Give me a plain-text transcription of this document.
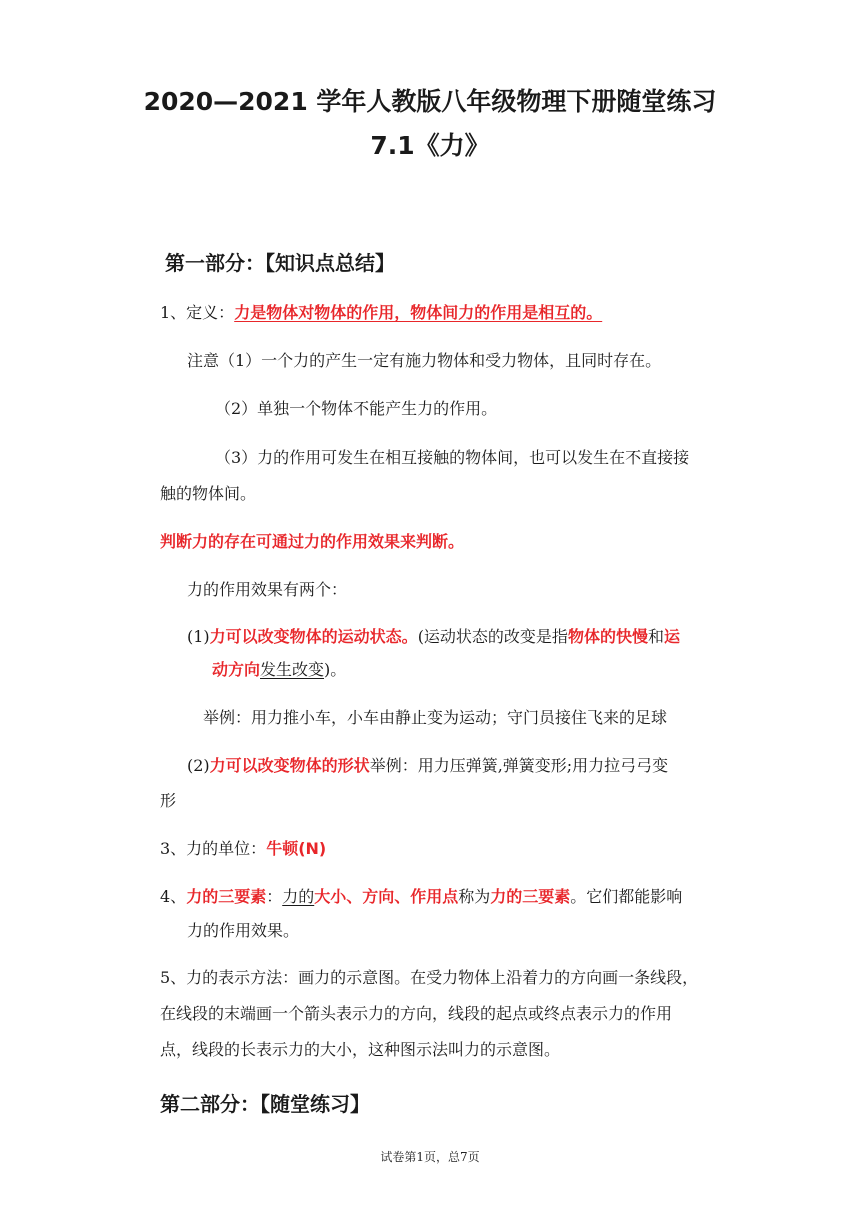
2020—2021 学年人教版八年级物理下册随堂练习
7.1《力》
第一部分：【知识点总结】
1、定义：力是物体对物体的作用，物体间力的作用是相互的。
注意（1）一个力的产生一定有施力物体和受力物体，且同时存在。
（2）单独一个物体不能产生力的作用。
（3）力的作用可发生在相互接触的物体间，也可以发生在不直接接
触的物体间。
判断力的存在可通过力的作用效果来判断。
力的作用效果有两个：
(1)力可以改变物体的运动状态。(运动状态的改变是指物体的快慢和运
动方向发生改变)。
举例：用力推小车，小车由静止变为运动；守门员接住飞来的足球
(2)力可以改变物体的形状举例：用力压弹簧,弹簧变形;用力拉弓弓变
形
3、力的单位：牛顿(N)
4、力的三要素：力的大小、方向、作用点称为力的三要素。它们都能影响
力的作用效果。
5、力的表示方法：画力的示意图。在受力物体上沿着力的方向画一条线段，
在线段的末端画一个箭头表示力的方向，线段的起点或终点表示力的作用
点，线段的长表示力的大小，这种图示法叫力的示意图。
第二部分：【随堂练习】
试卷第1页，总7页
